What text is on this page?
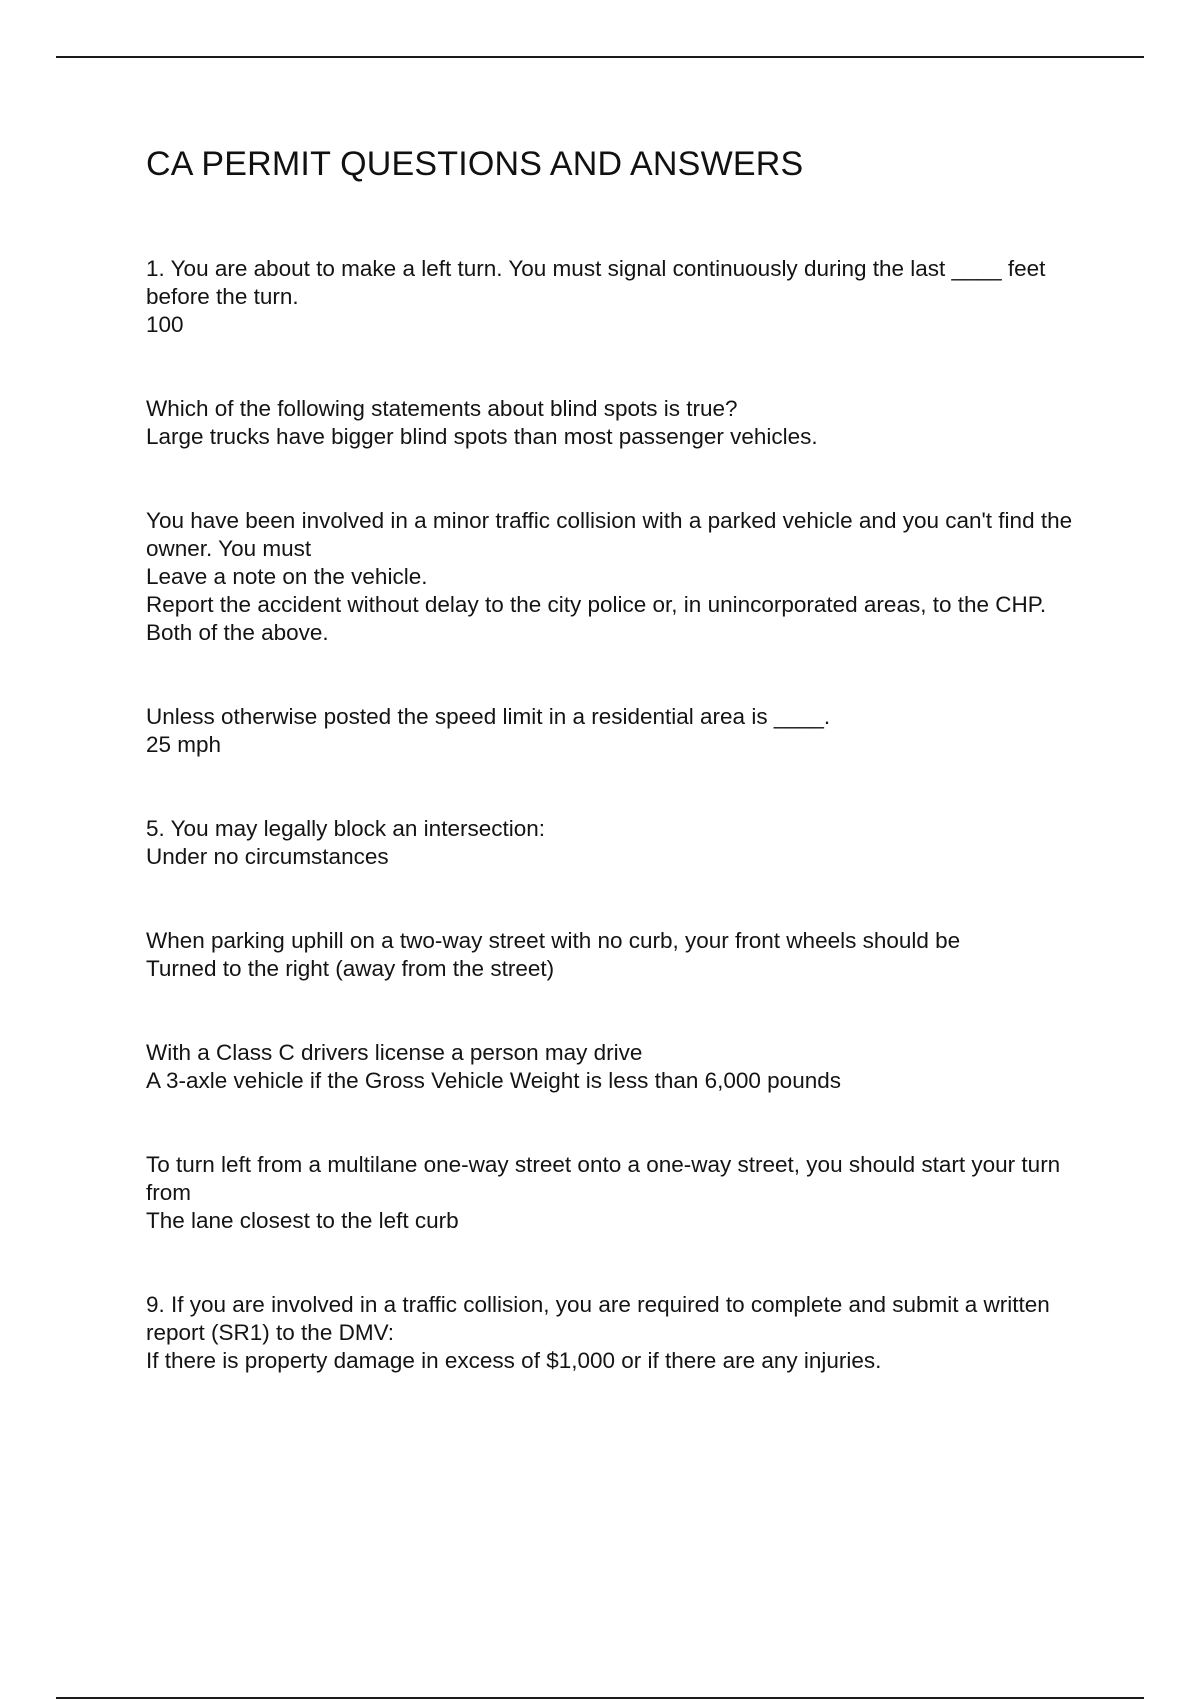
CA PERMIT QUESTIONS AND ANSWERS
1. You are about to make a left turn. You must signal continuously during the last ____ feet before the turn.
100
Which of the following statements about blind spots is true?
Large trucks have bigger blind spots than most passenger vehicles.
You have been involved in a minor traffic collision with a parked vehicle and you can't find the owner. You must
Leave a note on the vehicle.
Report the accident without delay to the city police or, in unincorporated areas, to the CHP.
Both of the above.
Unless otherwise posted the speed limit in a residential area is ____.
25 mph
5. You may legally block an intersection:
Under no circumstances
When parking uphill on a two-way street with no curb, your front wheels should be
Turned to the right (away from the street)
With a Class C drivers license a person may drive
A 3-axle vehicle if the Gross Vehicle Weight is less than 6,000 pounds
To turn left from a multilane one-way street onto a one-way street, you should start your turn from
The lane closest to the left curb
9. If you are involved in a traffic collision, you are required to complete and submit a written report (SR1) to the DMV:
If there is property damage in excess of $1,000 or if there are any injuries.
